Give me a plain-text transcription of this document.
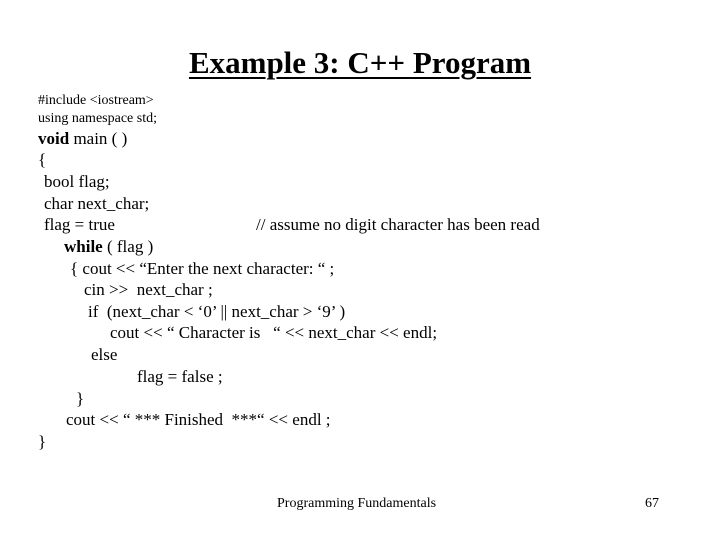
Example 3: C++ Program
#include <iostream>
using namespace std;
void main ( )
{
bool flag;
char next_char;
flag = true	// assume no digit character has been read
while ( flag )
{ cout << “Enter the next character: “ ;
cin >>  next_char ;
if  (next_char < ‘0’ || next_char > ‘9’ )
cout << “ Character is   “ << next_char << endl;
else
flag = false ;
}
cout << “ *** Finished  ***“ << endl ;
}
Programming Fundamentals	67
